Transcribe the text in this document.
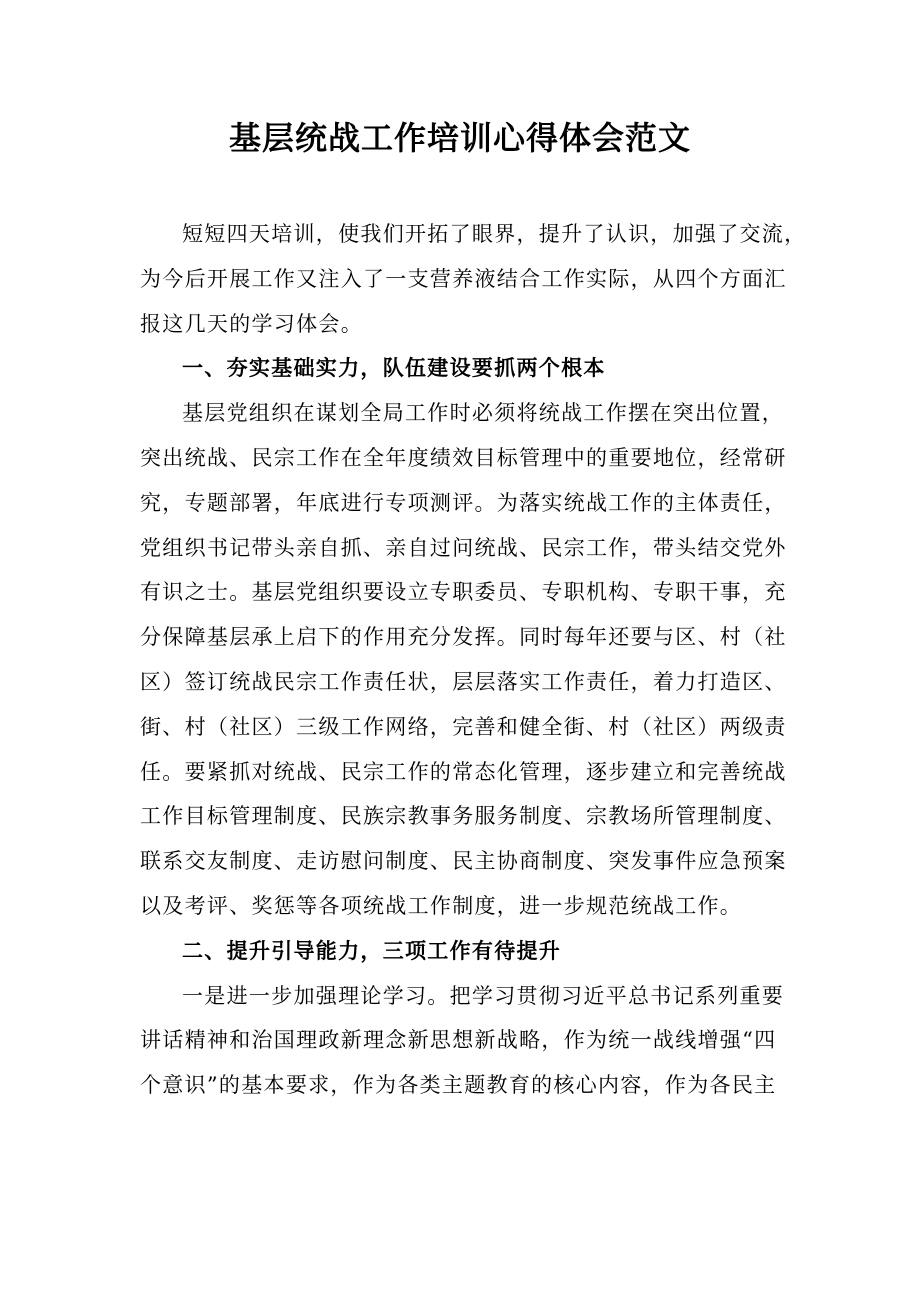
基层统战工作培训心得体会范文
短短四天培训，使我们开拓了眼界，提升了认识，加强了交流，
为今后开展工作又注入了一支营养液结合工作实际，从四个方面汇
报这几天的学习体会。
一、夯实基础实力，队伍建设要抓两个根本
基层党组织在谋划全局工作时必须将统战工作摆在突出位置，
突出统战、民宗工作在全年度绩效目标管理中的重要地位，经常研
究，专题部署，年底进行专项测评。为落实统战工作的主体责任，
党组织书记带头亲自抓、亲自过问统战、民宗工作，带头结交党外
有识之士。基层党组织要设立专职委员、专职机构、专职干事，充
分保障基层承上启下的作用充分发挥。同时每年还要与区、村（社
区）签订统战民宗工作责任状，层层落实工作责任，着力打造区、
街、村（社区）三级工作网络，完善和健全街、村（社区）两级责
任。要紧抓对统战、民宗工作的常态化管理，逐步建立和完善统战
工作目标管理制度、民族宗教事务服务制度、宗教场所管理制度、
联系交友制度、走访慰问制度、民主协商制度、突发事件应急预案
以及考评、奖惩等各项统战工作制度，进一步规范统战工作。
二、提升引导能力，三项工作有待提升
一是进一步加强理论学习。把学习贯彻习近平总书记系列重要
讲话精神和治国理政新理念新思想新战略，作为统一战线增强“四
个意识”的基本要求，作为各类主题教育的核心内容，作为各民主
